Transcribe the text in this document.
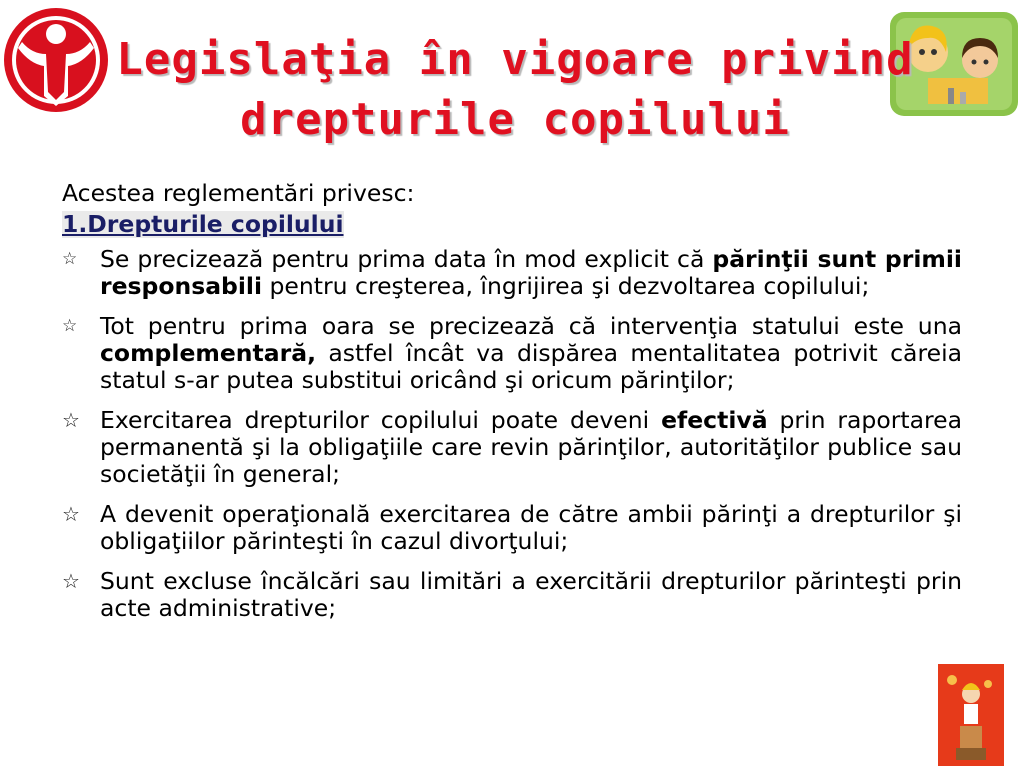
Legislaţia în vigoare privind
drepturile copilului

Acestea reglementări privesc:

1.Drepturile copilului
☆ Se precizează pentru prima data în mod explicit că părinţii sunt primii responsabili pentru creşterea, îngrijirea şi dezvoltarea copilului;
☆ Tot pentru prima oara se precizează că intervenţia statului este una complementară, astfel încât va dispărea mentalitatea potrivit căreia statul s-ar putea substitui oricând şi oricum părinţilor;
☆ Exercitarea drepturilor copilului poate deveni efectivă prin raportarea permanentă şi la obligaţiile care revin părinţilor, autorităţilor publice sau societăţii în general;
☆ A devenit operaţională exercitarea de către ambii părinţi a drepturilor şi obligaţiilor părinteşti în cazul divorţului;
☆ Sunt excluse încălcări sau limitări a exercitării drepturilor părinteşti prin acte administrative;
